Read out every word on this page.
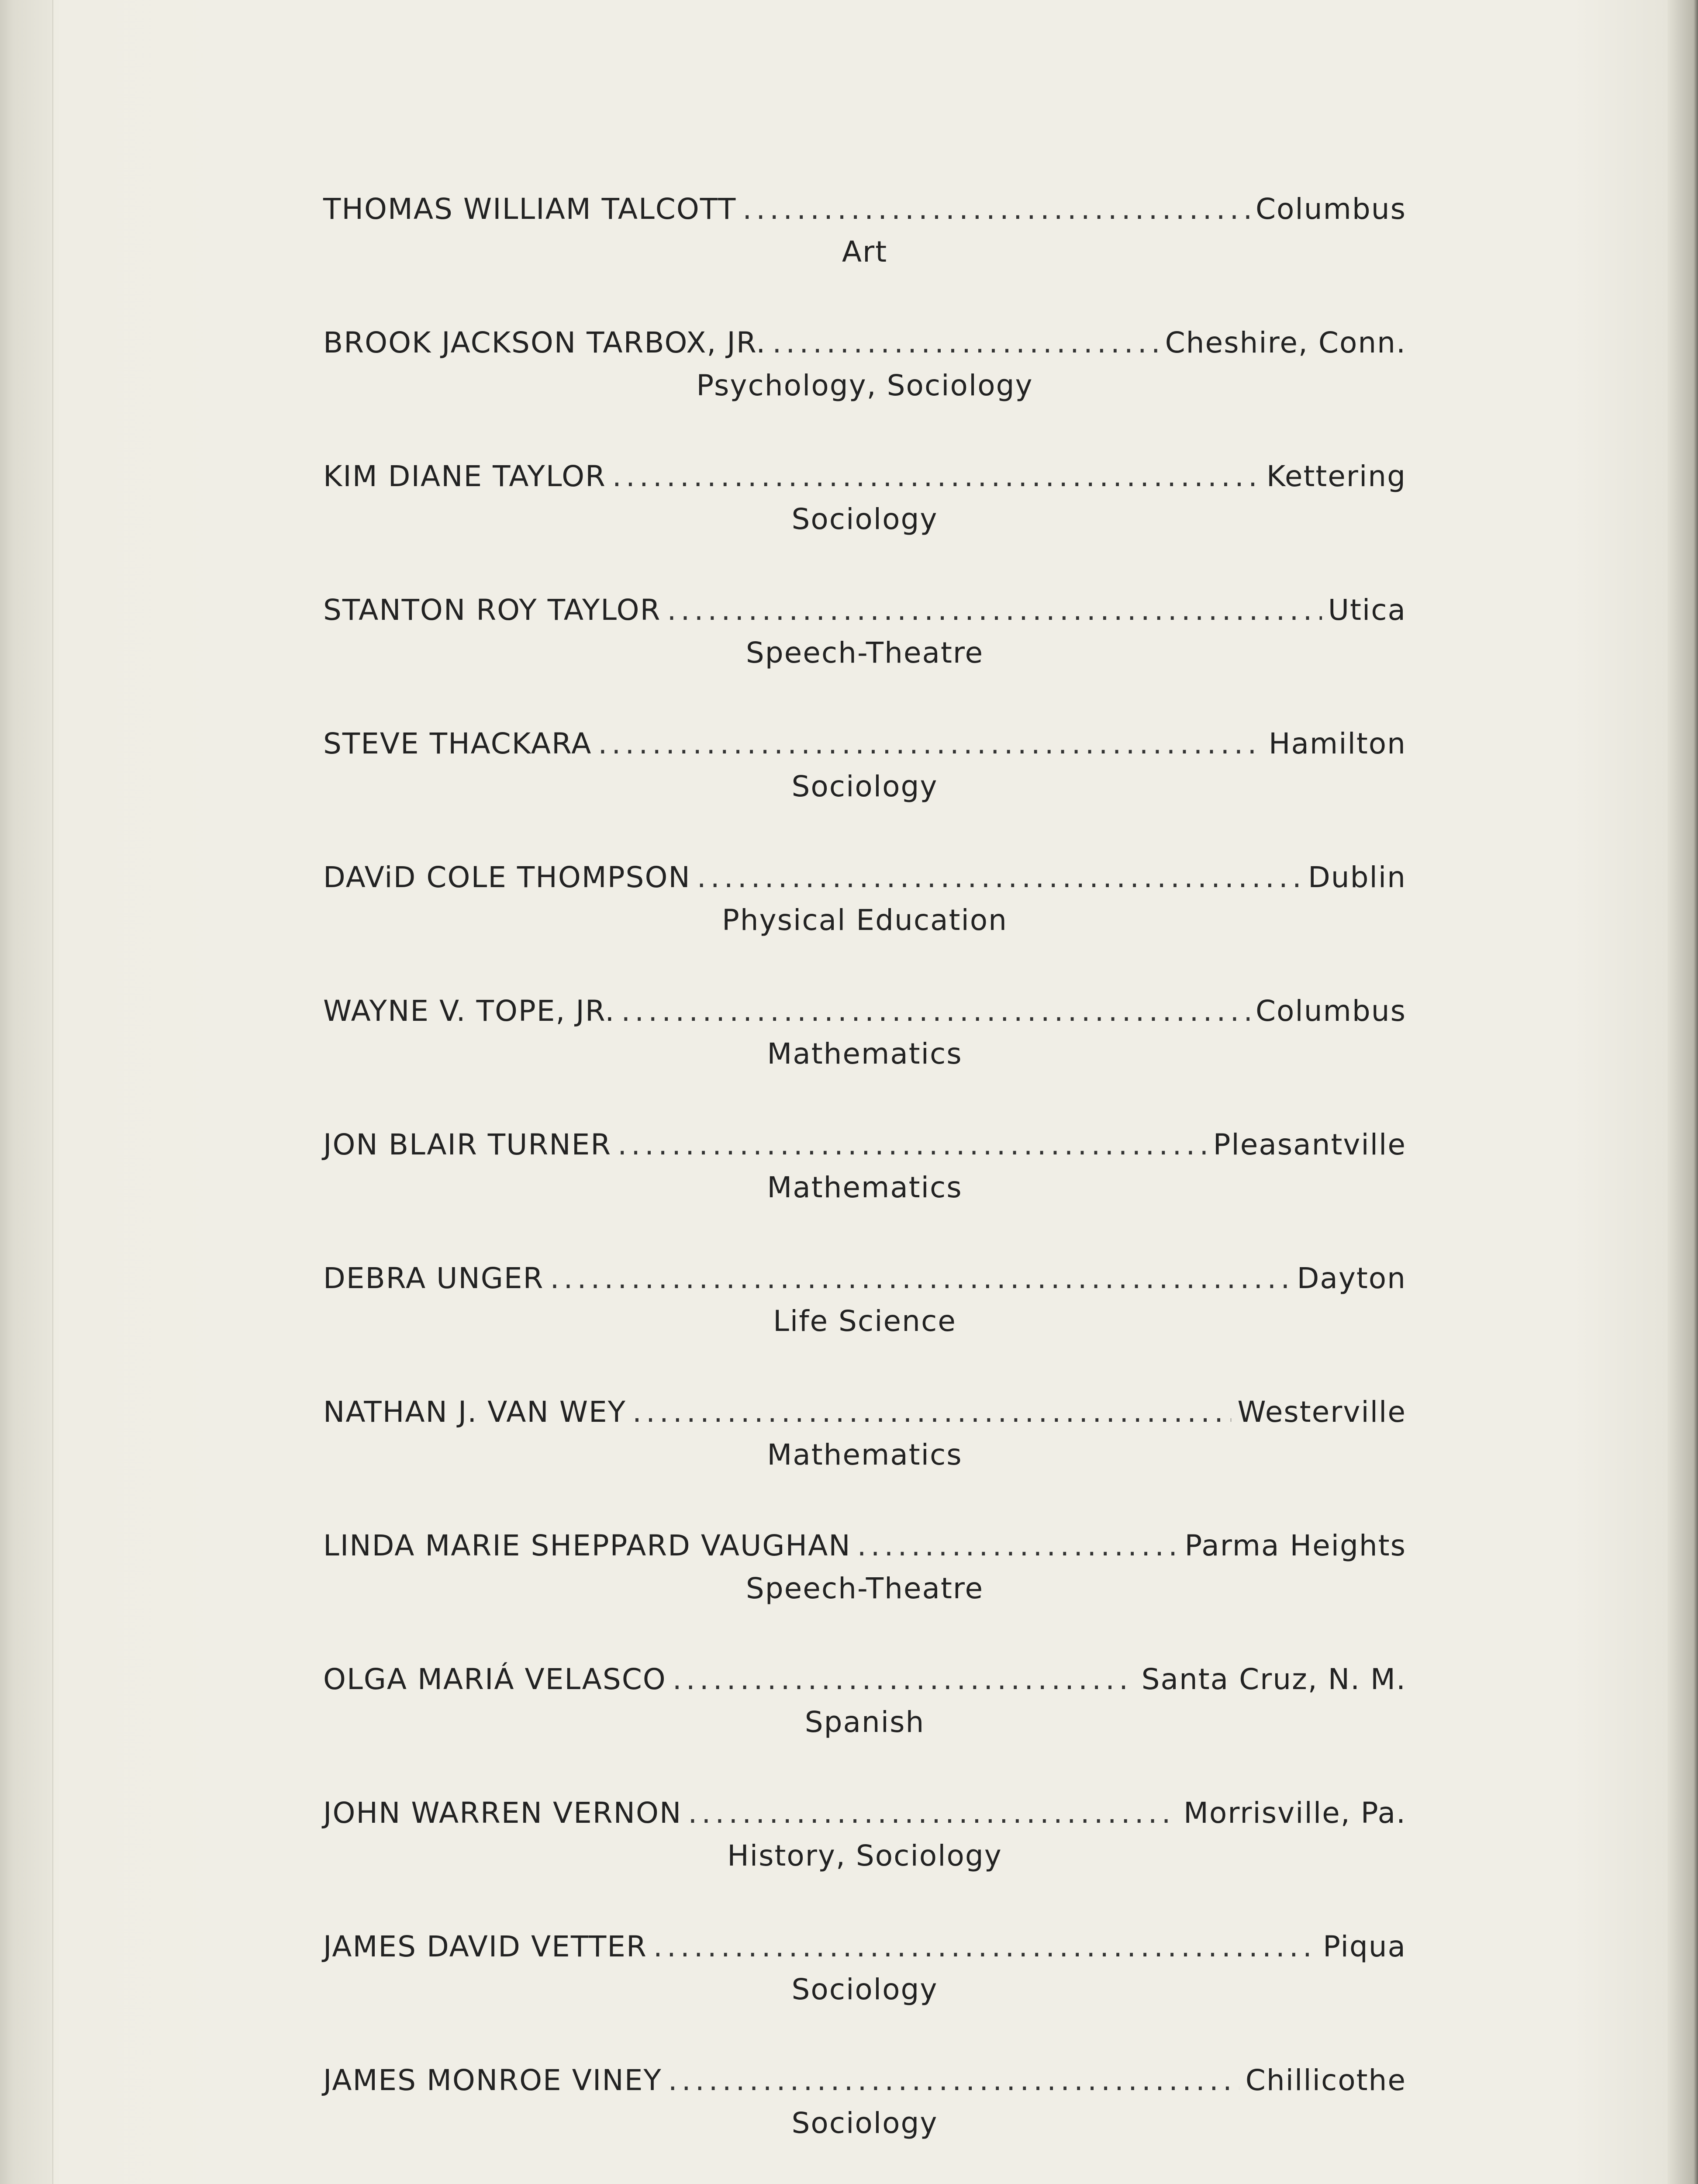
THOMAS WILLIAM TALCOTT .....	Columbus
Art
BROOK JACKSON TARBOX, JR. .....	Cheshire, Conn.
Psychology, Sociology
KIM DIANE TAYLOR .....	Kettering
Sociology
STANTON ROY TAYLOR .....	Utica
Speech-Theatre
STEVE THACKARA .....	Hamilton
Sociology
DAViD COLE THOMPSON .....	Dublin
Physical Education
WAYNE V. TOPE, JR. .....	Columbus
Mathematics
JON BLAIR TURNER .....	Pleasantville
Mathematics
DEBRA UNGER .....	Dayton
Life Science
NATHAN J. VAN WEY .....	Westerville
Mathematics
LINDA MARIE SHEPPARD VAUGHAN .....	Parma Heights
Speech-Theatre
OLGA MARIÁ VELASCO .....	Santa Cruz, N. M.
Spanish
JOHN WARREN VERNON .....	Morrisville, Pa.
History, Sociology
JAMES DAVID VETTER .....	Piqua
Sociology
JAMES MONROE VINEY .....	Chillicothe
Sociology
